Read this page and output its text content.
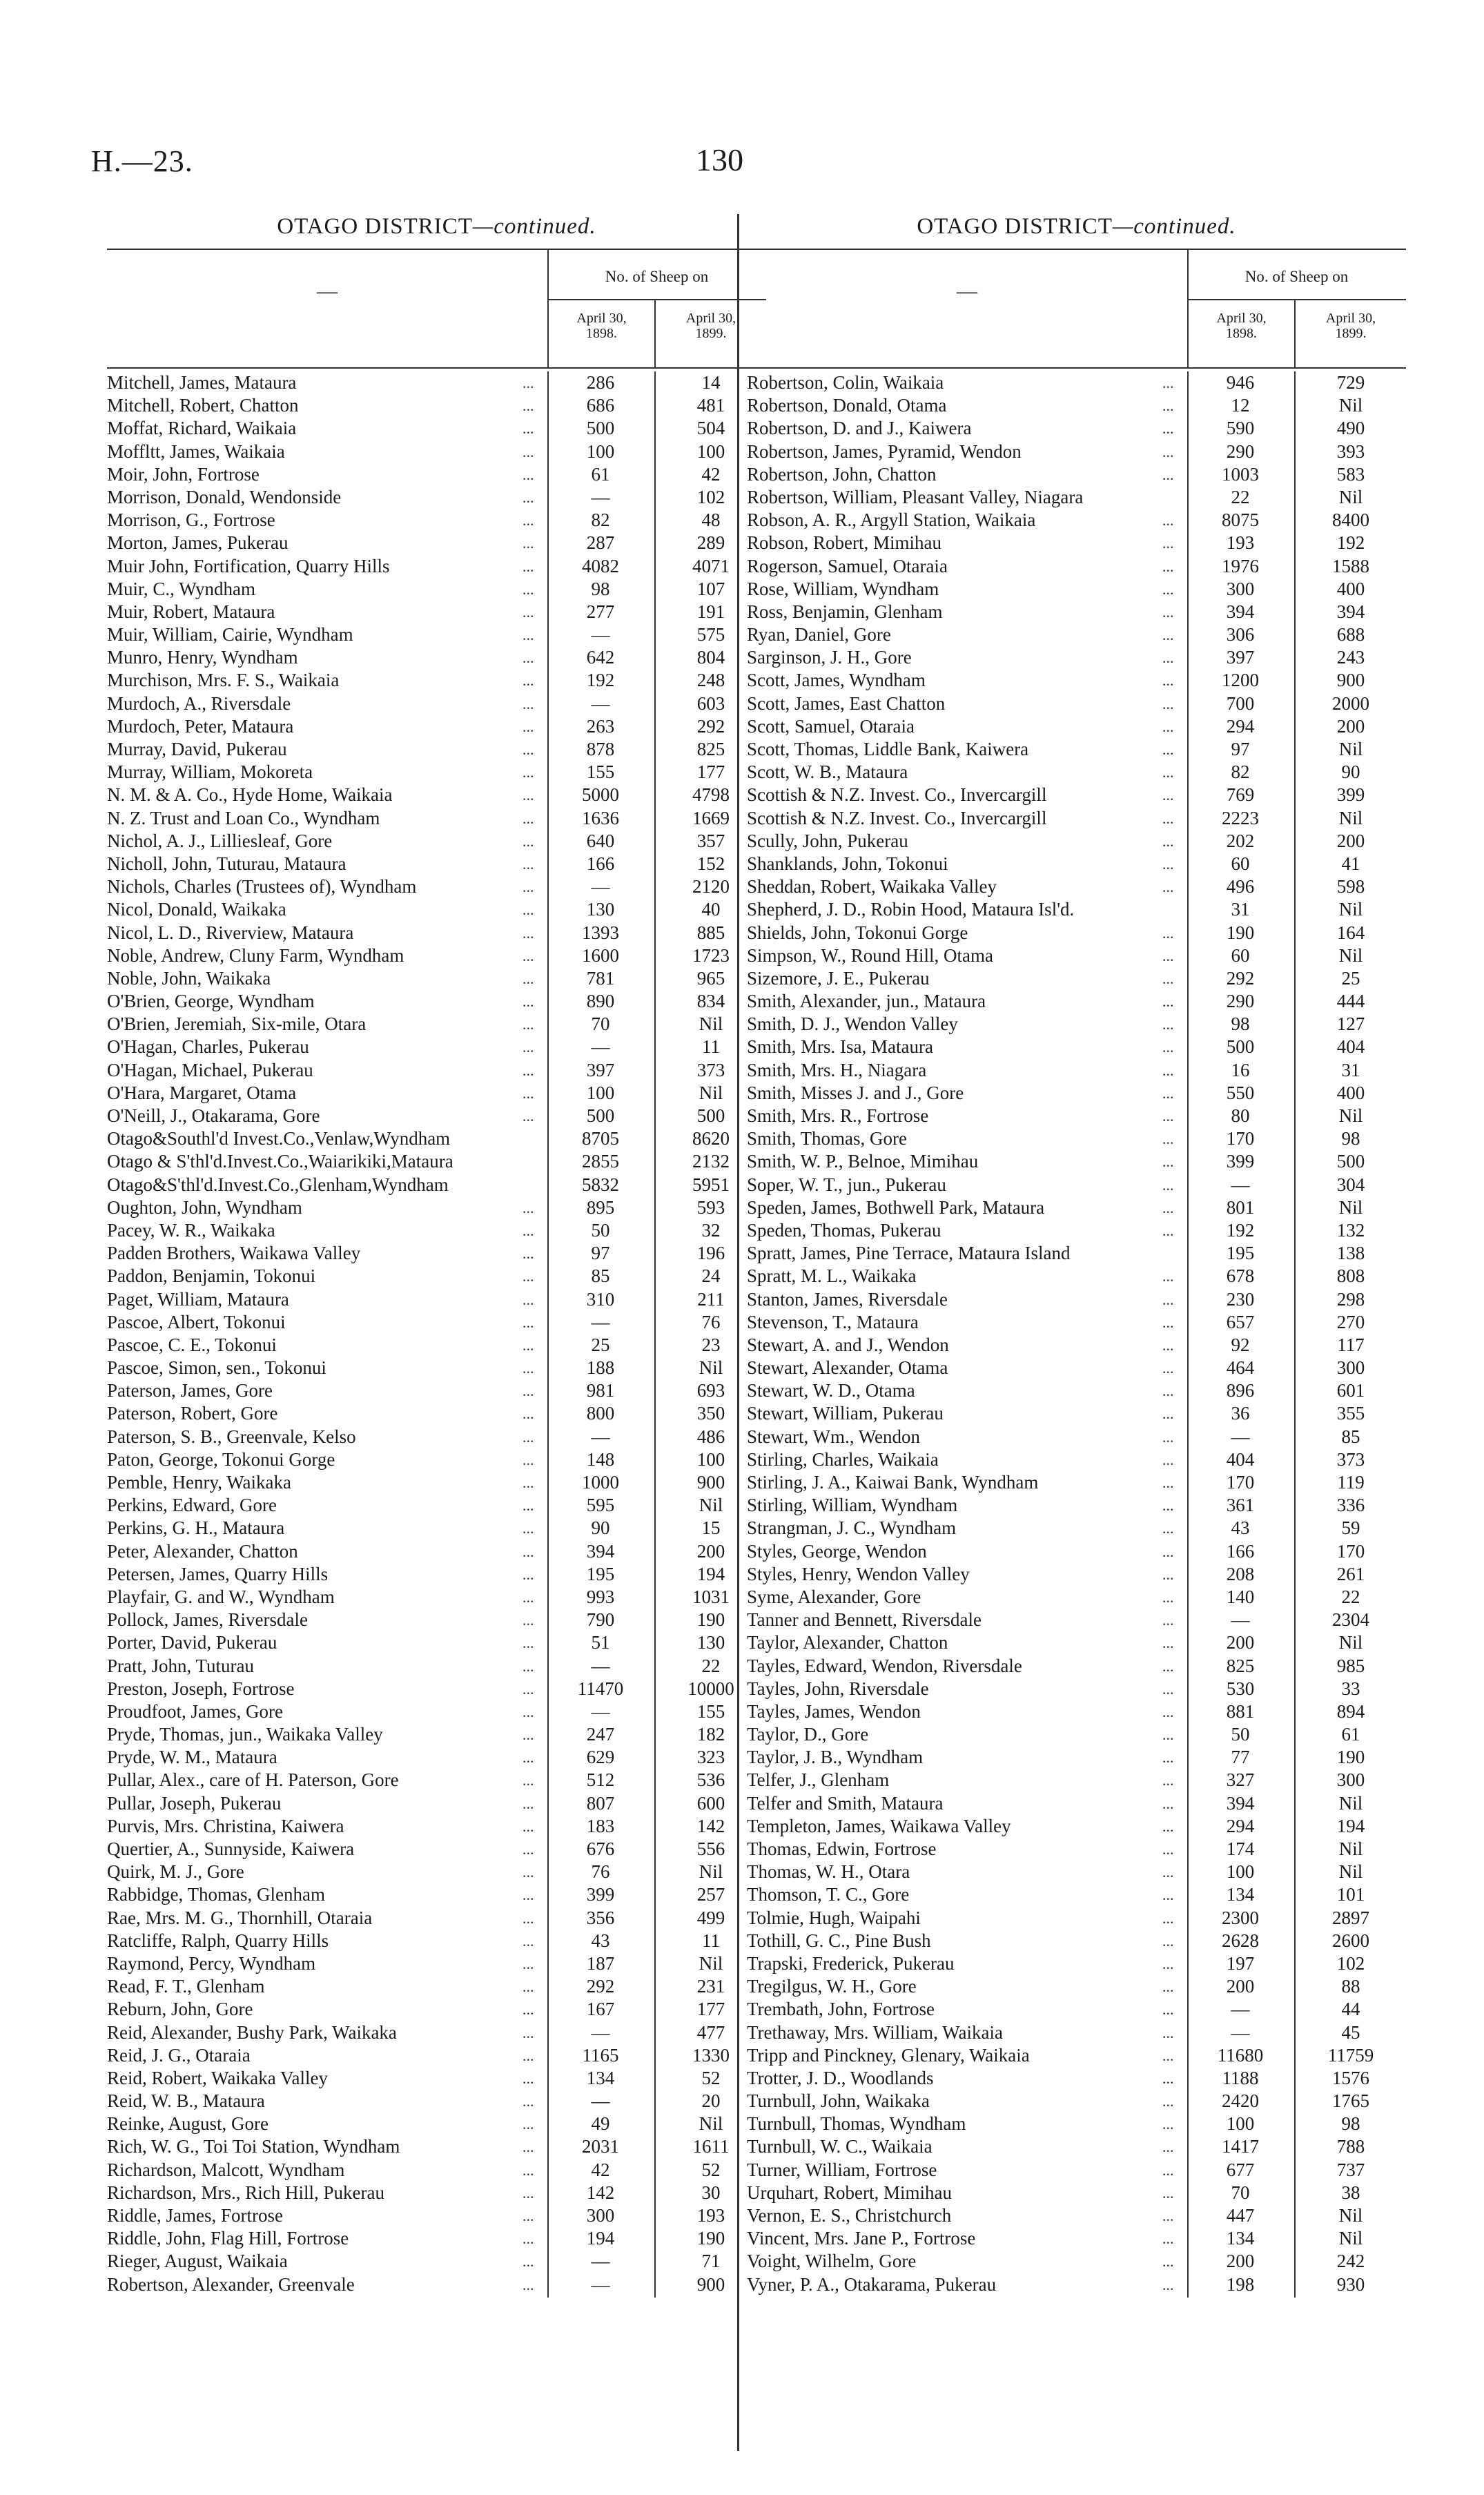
H.—23.	130
OTAGO DISTRICT—continued.
—
No. of Sheep on
April 30,
1898.
April 30,
1899.
Mitchell, James, Mataura	...	286	14
Mitchell, Robert, Chatton	...	686	481
Moffat, Richard, Waikaia	...	500	504
Moffltt, James, Waikaia	...	100	100
Moir, John, Fortrose	...	61	42
Morrison, Donald, Wendonside	...	—	102
Morrison, G., Fortrose	...	82	48
Morton, James, Pukerau	...	287	289
Muir John, Fortification, Quarry Hills	...	4082	4071
Muir, C., Wyndham	...	98	107
Muir, Robert, Mataura	...	277	191
Muir, William, Cairie, Wyndham	...	—	575
Munro, Henry, Wyndham	...	642	804
Murchison, Mrs. F. S., Waikaia	...	192	248
Murdoch, A., Riversdale	...	—	603
Murdoch, Peter, Mataura	...	263	292
Murray, David, Pukerau	...	878	825
Murray, William, Mokoreta	...	155	177
N. M. & A. Co., Hyde Home, Waikaia	...	5000	4798
N. Z. Trust and Loan Co., Wyndham	...	1636	1669
Nichol, A. J., Lilliesleaf, Gore	...	640	357
Nicholl, John, Tuturau, Mataura	...	166	152
Nichols, Charles (Trustees of), Wyndham	...	—	2120
Nicol, Donald, Waikaka	...	130	40
Nicol, L. D., Riverview, Mataura	...	1393	885
Noble, Andrew, Cluny Farm, Wyndham	...	1600	1723
Noble, John, Waikaka	...	781	965
O'Brien, George, Wyndham	...	890	834
O'Brien, Jeremiah, Six-mile, Otara	...	70	Nil
O'Hagan, Charles, Pukerau	...	—	11
O'Hagan, Michael, Pukerau	...	397	373
O'Hara, Margaret, Otama	...	100	Nil
O'Neill, J., Otakarama, Gore	...	500	500
Otago&Southl'd Invest.Co.,Venlaw,Wyndham	8705	8620
Otago & S'thl'd.Invest.Co.,Waiarikiki,Mataura	2855	2132
Otago&S'thl'd.Invest.Co.,Glenham,Wyndham	5832	5951
Oughton, John, Wyndham	...	895	593
Pacey, W. R., Waikaka	...	50	32
Padden Brothers, Waikawa Valley	...	97	196
Paddon, Benjamin, Tokonui	...	85	24
Paget, William, Mataura	...	310	211
Pascoe, Albert, Tokonui	...	—	76
Pascoe, C. E., Tokonui	...	25	23
Pascoe, Simon, sen., Tokonui	...	188	Nil
Paterson, James, Gore	...	981	693
Paterson, Robert, Gore	...	800	350
Paterson, S. B., Greenvale, Kelso	...	—	486
Paton, George, Tokonui Gorge	...	148	100
Pemble, Henry, Waikaka	...	1000	900
Perkins, Edward, Gore	...	595	Nil
Perkins, G. H., Mataura	...	90	15
Peter, Alexander, Chatton	...	394	200
Petersen, James, Quarry Hills	...	195	194
Playfair, G. and W., Wyndham	...	993	1031
Pollock, James, Riversdale	...	790	190
Porter, David, Pukerau	...	51	130
Pratt, John, Tuturau	...	—	22
Preston, Joseph, Fortrose	...	11470	10000
Proudfoot, James, Gore	...	—	155
Pryde, Thomas, jun., Waikaka Valley	...	247	182
Pryde, W. M., Mataura	...	629	323
Pullar, Alex., care of H. Paterson, Gore	...	512	536
Pullar, Joseph, Pukerau	...	807	600
Purvis, Mrs. Christina, Kaiwera	...	183	142
Quertier, A., Sunnyside, Kaiwera	...	676	556
Quirk, M. J., Gore	...	76	Nil
Rabbidge, Thomas, Glenham	...	399	257
Rae, Mrs. M. G., Thornhill, Otaraia	...	356	499
Ratcliffe, Ralph, Quarry Hills	...	43	11
Raymond, Percy, Wyndham	...	187	Nil
Read, F. T., Glenham	...	292	231
Reburn, John, Gore	...	167	177
Reid, Alexander, Bushy Park, Waikaka	...	—	477
Reid, J. G., Otaraia	...	1165	1330
Reid, Robert, Waikaka Valley	...	134	52
Reid, W. B., Mataura	...	—	20
Reinke, August, Gore	...	49	Nil
Rich, W. G., Toi Toi Station, Wyndham	...	2031	1611
Richardson, Malcott, Wyndham	...	42	52
Richardson, Mrs., Rich Hill, Pukerau	...	142	30
Riddle, James, Fortrose	...	300	193
Riddle, John, Flag Hill, Fortrose	...	194	190
Rieger, August, Waikaia	...	—	71
Robertson, Alexander, Greenvale	...	—	900
OTAGO DISTRICT—continued.
—
No. of Sheep on
April 30,
1898.
April 30,
1899.
Robertson, Colin, Waikaia	...	946	729
Robertson, Donald, Otama	...	12	Nil
Robertson, D. and J., Kaiwera	...	590	490
Robertson, James, Pyramid, Wendon	...	290	393
Robertson, John, Chatton	...	1003	583
Robertson, William, Pleasant Valley, Niagara	22	Nil
Robson, A. R., Argyll Station, Waikaia	...	8075	8400
Robson, Robert, Mimihau	...	193	192
Rogerson, Samuel, Otaraia	...	1976	1588
Rose, William, Wyndham	...	300	400
Ross, Benjamin, Glenham	...	394	394
Ryan, Daniel, Gore	...	306	688
Sarginson, J. H., Gore	...	397	243
Scott, James, Wyndham	...	1200	900
Scott, James, East Chatton	...	700	2000
Scott, Samuel, Otaraia	...	294	200
Scott, Thomas, Liddle Bank, Kaiwera	...	97	Nil
Scott, W. B., Mataura	...	82	90
Scottish & N.Z. Invest. Co., Invercargill	...	769	399
Scottish & N.Z. Invest. Co., Invercargill	...	2223	Nil
Scully, John, Pukerau	...	202	200
Shanklands, John, Tokonui	...	60	41
Sheddan, Robert, Waikaka Valley	...	496	598
Shepherd, J. D., Robin Hood, Mataura Isl'd.	31	Nil
Shields, John, Tokonui Gorge	...	190	164
Simpson, W., Round Hill, Otama	...	60	Nil
Sizemore, J. E., Pukerau	...	292	25
Smith, Alexander, jun., Mataura	...	290	444
Smith, D. J., Wendon Valley	...	98	127
Smith, Mrs. Isa, Mataura	...	500	404
Smith, Mrs. H., Niagara	...	16	31
Smith, Misses J. and J., Gore	...	550	400
Smith, Mrs. R., Fortrose	...	80	Nil
Smith, Thomas, Gore	...	170	98
Smith, W. P., Belnoe, Mimihau	...	399	500
Soper, W. T., jun., Pukerau	...	—	304
Speden, James, Bothwell Park, Mataura	...	801	Nil
Speden, Thomas, Pukerau	...	192	132
Spratt, James, Pine Terrace, Mataura Island	195	138
Spratt, M. L., Waikaka	...	678	808
Stanton, James, Riversdale	...	230	298
Stevenson, T., Mataura	...	657	270
Stewart, A. and J., Wendon	...	92	117
Stewart, Alexander, Otama	...	464	300
Stewart, W. D., Otama	...	896	601
Stewart, William, Pukerau	...	36	355
Stewart, Wm., Wendon	...	—	85
Stirling, Charles, Waikaia	...	404	373
Stirling, J. A., Kaiwai Bank, Wyndham	...	170	119
Stirling, William, Wyndham	...	361	336
Strangman, J. C., Wyndham	...	43	59
Styles, George, Wendon	...	166	170
Styles, Henry, Wendon Valley	...	208	261
Syme, Alexander, Gore	...	140	22
Tanner and Bennett, Riversdale	...	—	2304
Taylor, Alexander, Chatton	...	200	Nil
Tayles, Edward, Wendon, Riversdale	...	825	985
Tayles, John, Riversdale	...	530	33
Tayles, James, Wendon	...	881	894
Taylor, D., Gore	...	50	61
Taylor, J. B., Wyndham	...	77	190
Telfer, J., Glenham	...	327	300
Telfer and Smith, Mataura	...	394	Nil
Templeton, James, Waikawa Valley	...	294	194
Thomas, Edwin, Fortrose	...	174	Nil
Thomas, W. H., Otara	...	100	Nil
Thomson, T. C., Gore	...	134	101
Tolmie, Hugh, Waipahi	...	2300	2897
Tothill, G. C., Pine Bush	...	2628	2600
Trapski, Frederick, Pukerau	...	197	102
Tregilgus, W. H., Gore	...	200	88
Trembath, John, Fortrose	...	—	44
Trethaway, Mrs. William, Waikaia	...	—	45
Tripp and Pinckney, Glenary, Waikaia	...	11680	11759
Trotter, J. D., Woodlands	...	1188	1576
Turnbull, John, Waikaka	...	2420	1765
Turnbull, Thomas, Wyndham	...	100	98
Turnbull, W. C., Waikaia	...	1417	788
Turner, William, Fortrose	...	677	737
Urquhart, Robert, Mimihau	...	70	38
Vernon, E. S., Christchurch	...	447	Nil
Vincent, Mrs. Jane P., Fortrose	...	134	Nil
Voight, Wilhelm, Gore	...	200	242
Vyner, P. A., Otakarama, Pukerau	...	198	930
